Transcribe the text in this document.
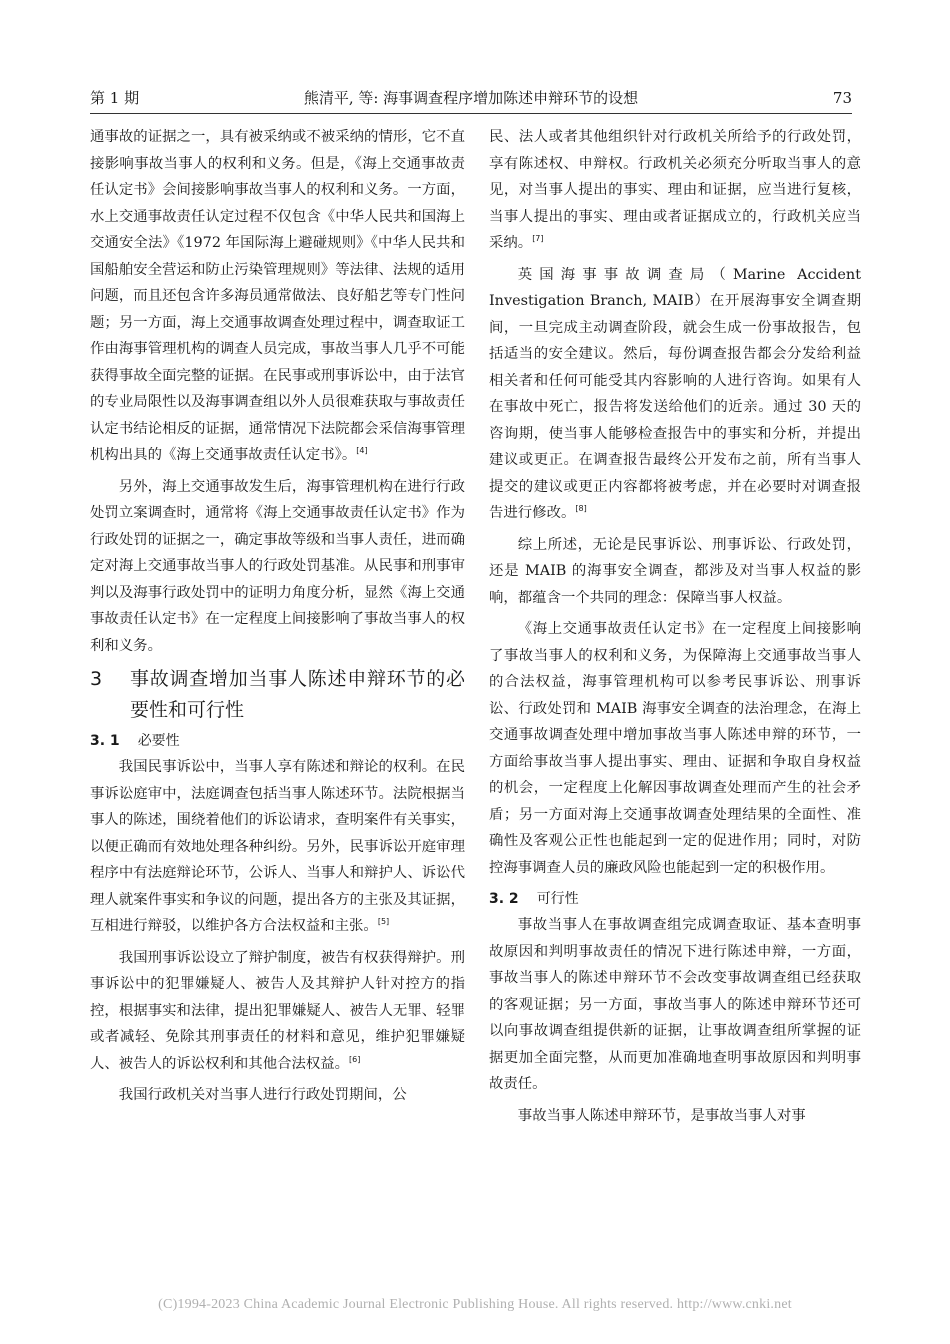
第 1 期	熊清平, 等: 海事调查程序增加陈述申辩环节的设想	73

通事故的证据之一，具有被采纳或不被采纳的情形，它不直接影响事故当事人的权利和义务。但是，《海上交通事故责任认定书》会间接影响事故当事人的权利和义务。一方面，水上交通事故责任认定过程不仅包含《中华人民共和国海上交通安全法》《1972 年国际海上避碰规则》《中华人民共和国船舶安全营运和防止污染管理规则》等法律、法规的适用问题，而且还包含许多海员通常做法、良好船艺等专门性问题；另一方面，海上交通事故调查处理过程中，调查取证工作由海事管理机构的调查人员完成，事故当事人几乎不可能获得事故全面完整的证据。在民事或刑事诉讼中，由于法官的专业局限性以及海事调查组以外人员很难获取与事故责任认定书结论相反的证据，通常情况下法院都会采信海事管理机构出具的《海上交通事故责任认定书》。[4]

另外，海上交通事故发生后，海事管理机构在进行行政处罚立案调查时，通常将《海上交通事故责任认定书》作为行政处罚的证据之一，确定事故等级和当事人责任，进而确定对海上交通事故当事人的行政处罚基准。从民事和刑事审判以及海事行政处罚中的证明力角度分析，显然《海上交通事故责任认定书》在一定程度上间接影响了事故当事人的权利和义务。

3	事故调查增加当事人陈述申辩环节的必要性和可行性
3. 1 必要性

我国民事诉讼中，当事人享有陈述和辩论的权利。在民事诉讼庭审中，法庭调查包括当事人陈述环节。法院根据当事人的陈述，围绕着他们的诉讼请求，查明案件有关事实，以便正确而有效地处理各种纠纷。另外，民事诉讼开庭审理程序中有法庭辩论环节，公诉人、当事人和辩护人、诉讼代理人就案件事实和争议的问题，提出各方的主张及其证据，互相进行辩驳，以维护各方合法权益和主张。[5]

我国刑事诉讼设立了辩护制度，被告有权获得辩护。刑事诉讼中的犯罪嫌疑人、被告人及其辩护人针对控方的指控，根据事实和法律，提出犯罪嫌疑人、被告人无罪、轻罪或者减轻、免除其刑事责任的材料和意见，维护犯罪嫌疑人、被告人的诉讼权利和其他合法权益。[6]

我国行政机关对当事人进行行政处罚期间，公

民、法人或者其他组织针对行政机关所给予的行政处罚，享有陈述权、申辩权。行政机关必须充分听取当事人的意见，对当事人提出的事实、理由和证据，应当进行复核，当事人提出的事实、理由或者证据成立的，行政机关应当采纳。[7]

英国海事事故调查局（Marine Accident Investigation Branch, MAIB）在开展海事安全调查期间，一旦完成主动调查阶段，就会生成一份事故报告，包括适当的安全建议。然后，每份调查报告都会分发给利益相关者和任何可能受其内容影响的人进行咨询。如果有人在事故中死亡，报告将发送给他们的近亲。通过 30 天的咨询期，使当事人能够检查报告中的事实和分析，并提出建议或更正。在调查报告最终公开发布之前，所有当事人提交的建议或更正内容都将被考虑，并在必要时对调查报告进行修改。[8]

综上所述，无论是民事诉讼、刑事诉讼、行政处罚，还是 MAIB 的海事安全调查，都涉及对当事人权益的影响，都蕴含一个共同的理念：保障当事人权益。

《海上交通事故责任认定书》在一定程度上间接影响了事故当事人的权利和义务，为保障海上交通事故当事人的合法权益，海事管理机构可以参考民事诉讼、刑事诉讼、行政处罚和 MAIB 海事安全调查的法治理念，在海上交通事故调查处理中增加事故当事人陈述申辩的环节，一方面给事故当事人提出事实、理由、证据和争取自身权益的机会，一定程度上化解因事故调查处理而产生的社会矛盾；另一方面对海上交通事故调查处理结果的全面性、准确性及客观公正性也能起到一定的促进作用；同时，对防控海事调查人员的廉政风险也能起到一定的积极作用。

3. 2 可行性

事故当事人在事故调查组完成调查取证、基本查明事故原因和判明事故责任的情况下进行陈述申辩，一方面，事故当事人的陈述申辩环节不会改变事故调查组已经获取的客观证据；另一方面，事故当事人的陈述申辩环节还可以向事故调查组提供新的证据，让事故调查组所掌握的证据更加全面完整，从而更加准确地查明事故原因和判明事故责任。

事故当事人陈述申辩环节，是事故当事人对事

(C)1994-2023 China Academic Journal Electronic Publishing House. All rights reserved. http://www.cnki.net
